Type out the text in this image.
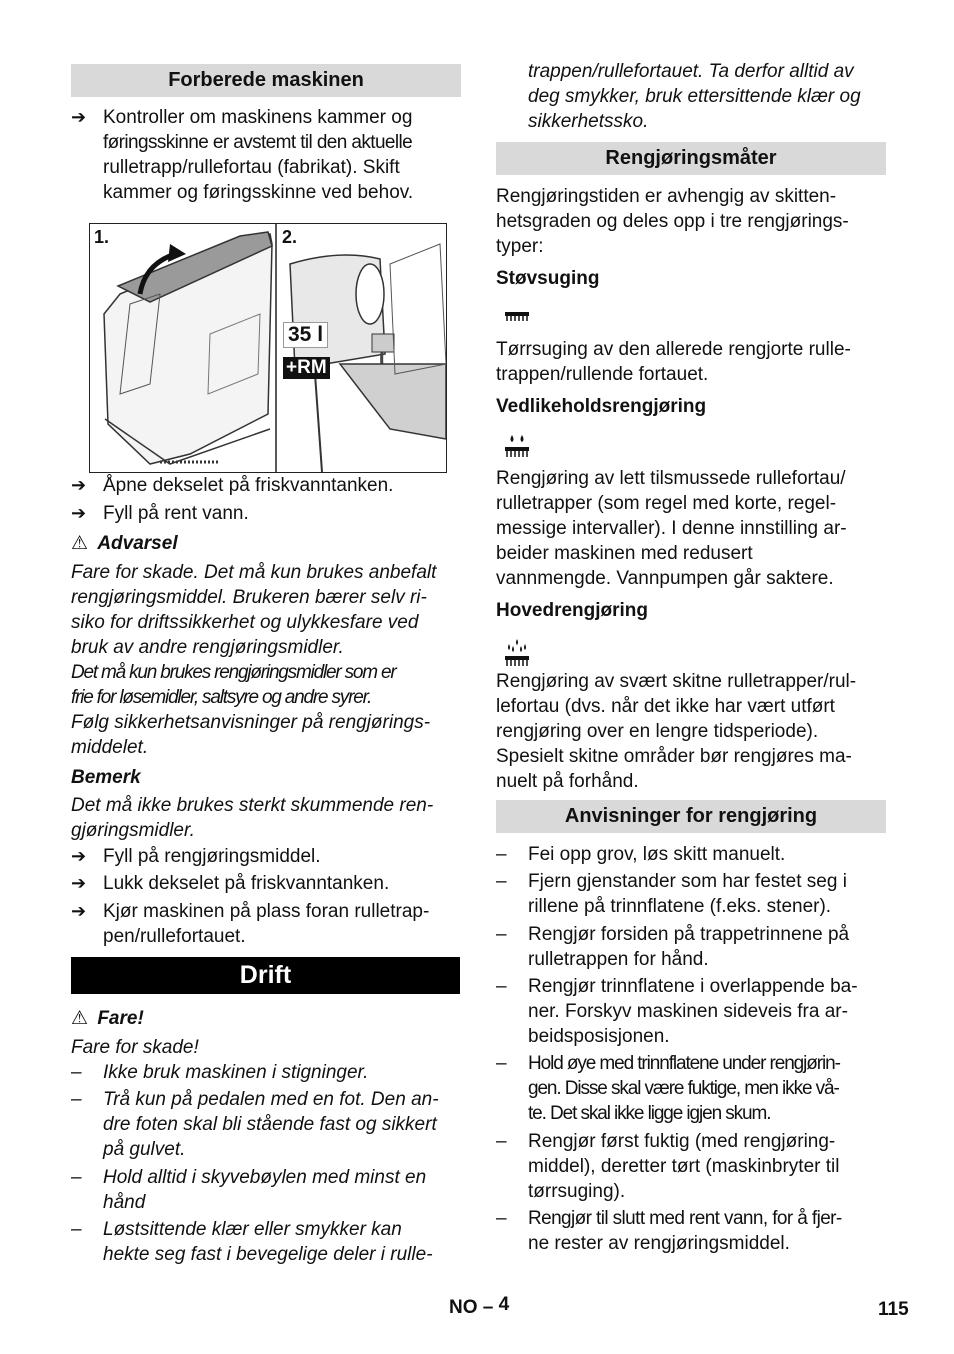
Forberede maskinen
➔ Kontroller om maskinens kammer og
føringsskinne er avstemt til den aktuelle
rulletrapp/rullefortau (fabrikat). Skift
kammer og føringsskinne ved behov.
1.	2.
35 l
+RM
➔ Åpne dekselet på friskvanntanken.
➔ Fyll på rent vann.
⚠ Advarsel
Fare for skade. Det må kun brukes anbefalt
rengjøringsmiddel. Brukeren bærer selv ri-
siko for driftssikkerhet og ulykkesfare ved
bruk av andre rengjøringsmidler.
Det må kun brukes rengjøringsmidler som er
frie for løsemidler, saltsyre og andre syrer.
Følg sikkerhetsanvisninger på rengjørings-
middelet.
Bemerk
Det må ikke brukes sterkt skummende ren-
gjøringsmidler.
➔ Fyll på rengjøringsmiddel.
➔ Lukk dekselet på friskvanntanken.
➔ Kjør maskinen på plass foran rulletrap-
pen/rullefortauet.
Drift
⚠ Fare!
Fare for skade!
– Ikke bruk maskinen i stigninger.
– Trå kun på pedalen med en fot. Den an-
dre foten skal bli stående fast og sikkert
på gulvet.
– Hold alltid i skyvebøylen med minst en
hånd
– Løstsittende klær eller smykker kan
hekte seg fast i bevegelige deler i rulle-
trappen/rullefortauet. Ta derfor alltid av
deg smykker, bruk ettersittende klær og
sikkerhetssko.
Rengjøringsmåter
Rengjøringstiden er avhengig av skitten-
hetsgraden og deles opp i tre rengjørings-
typer:
Støvsuging
Tørrsuging av den allerede rengjorte rulle-
trappen/rullende fortauet.
Vedlikeholdsrengjøring
Rengjøring av lett tilsmussede rullefortau/
rulletrapper (som regel med korte, regel-
messige intervaller). I denne innstilling ar-
beider maskinen med redusert
vannmengde. Vannpumpen går saktere.
Hovedrengjøring
Rengjøring av svært skitne rulletrapper/rul-
lefortau (dvs. når det ikke har vært utført
rengjøring over en lengre tidsperiode).
Spesielt skitne områder bør rengjøres ma-
nuelt på forhånd.
Anvisninger for rengjøring
– Fei opp grov, løs skitt manuelt.
– Fjern gjenstander som har festet seg i
rillene på trinnflatene (f.eks. stener).
– Rengjør forsiden på trappetrinnene på
rulletrappen for hånd.
– Rengjør trinnflatene i overlappende ba-
ner. Forskyv maskinen sideveis fra ar-
beidsposisjonen.
– Hold øye med trinnflatene under rengjørin-
gen. Disse skal være fuktige, men ikke vå-
te. Det skal ikke ligge igjen skum.
– Rengjør først fuktig (med rengjøring-
middel), deretter tørt (maskinbryter til
tørrsuging).
– Rengjør til slutt med rent vann, for å fjer-
ne rester av rengjøringsmiddel.
NO – 4	115
